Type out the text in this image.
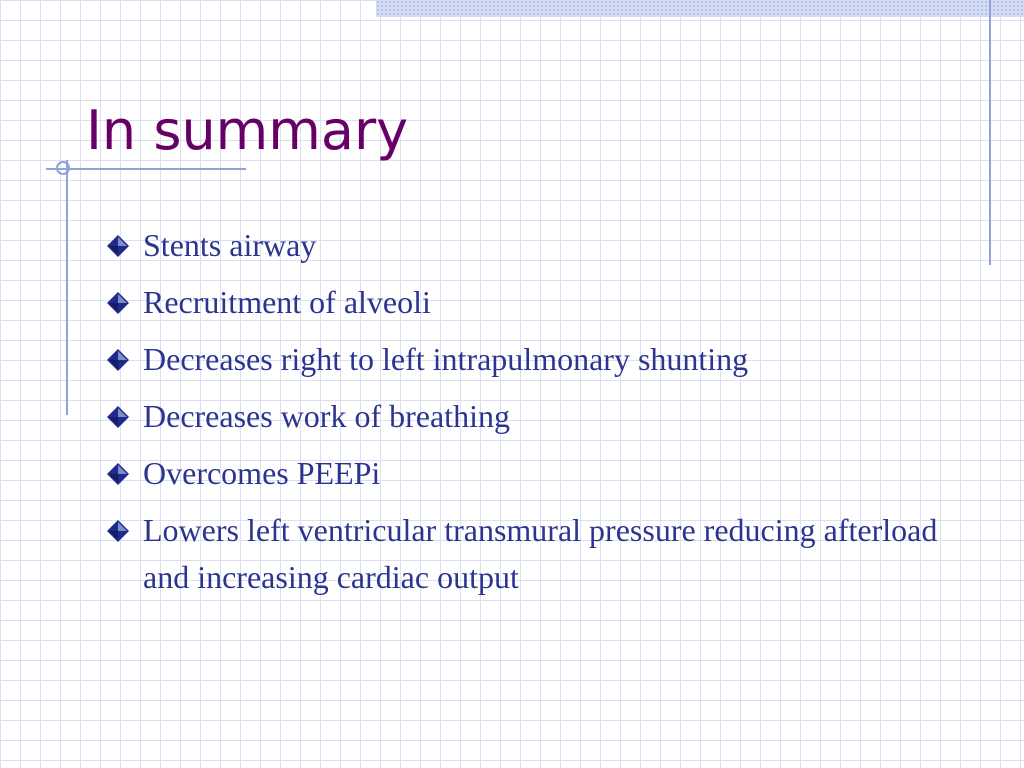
In summary
Stents airway
Recruitment of alveoli
Decreases right to left intrapulmonary shunting
Decreases work of breathing
Overcomes PEEPi
Lowers left ventricular transmural pressure reducing afterload and increasing cardiac output
